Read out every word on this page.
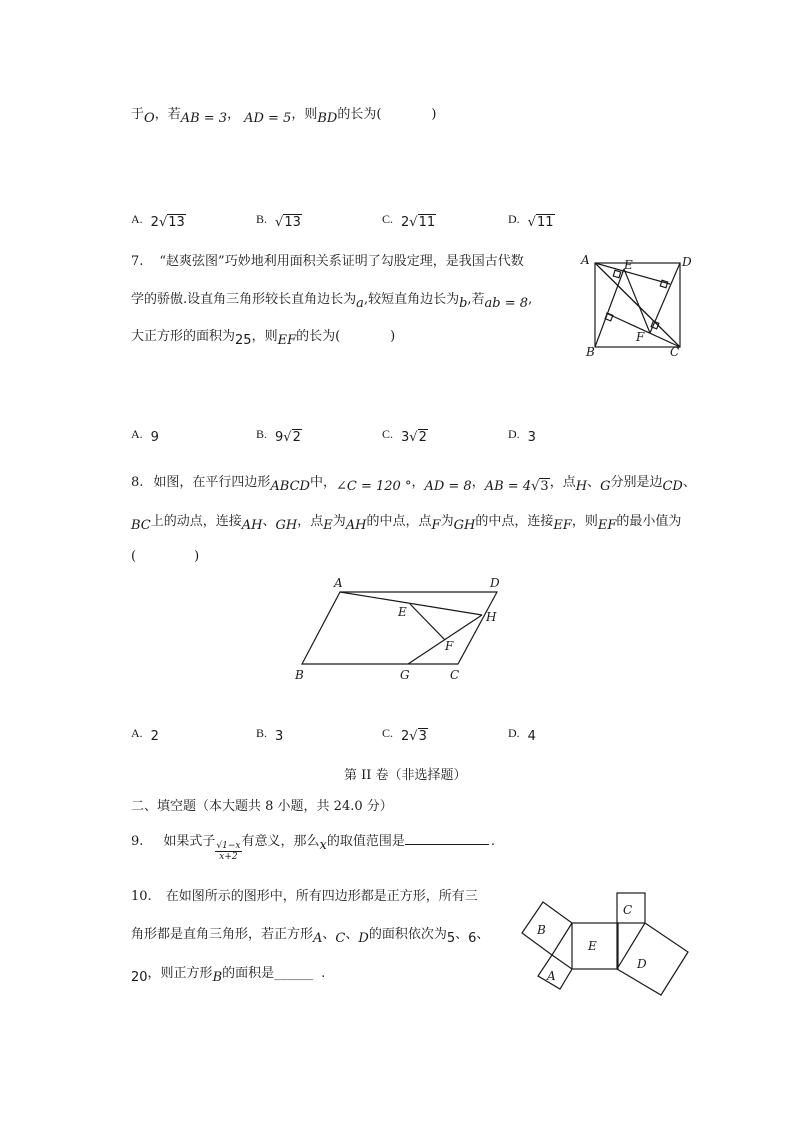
于O，若AB = 3， AD = 5，则BD的长为(	)
A. 2√13	B. √13	C. 2√11	D. √11
7. “赵爽弦图”巧妙地利用面积关系证明了勾股定理，是我国古代数
学的骄傲.设直角三角形较长直角边长为a,较短直角边长为b,若ab = 8,
大正方形的面积为25，则EF的长为(	)
A	E	D
B
F
C
A. 9	B. 9√2	C. 3√2	D. 3
8. 如图，在平行四边形ABCD中，∠C = 120 °，AD = 8，AB = 4√3，点H、G分别是边CD、
BC上的动点，连接AH、GH，点E为AH的中点，点F为GH的中点，连接EF，则EF的最小值为
(	)
A	D
E	H
F
B	G	C
A. 2	B. 3	C. 2√3	D. 4
第 II 卷（非选择题）
二、填空题（本大题共 8 小题，共 24.0 分）
9. 如果式子 $\frac{√1-x}{x+2}$ 有意义，那么x的取值范围是	.
10. 在如图所示的图形中，所有四边形都是正方形，所有三
角形都是直角三角形，若正方形A、C、D的面积依次为5、6、
20，则正方形B的面积是______ .
B
E
C
D
A
